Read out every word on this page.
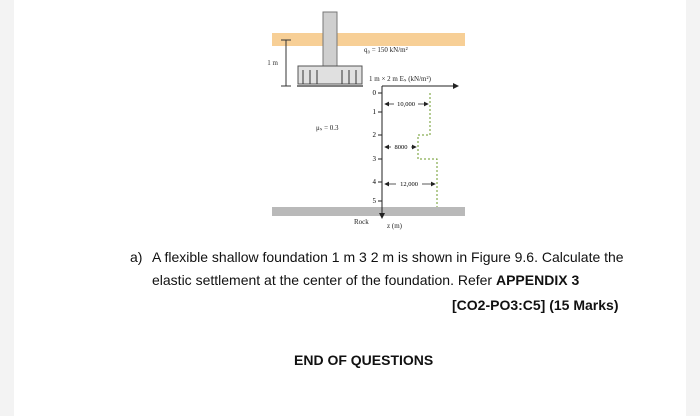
1 m
q₀ = 150 kN/m²
1 m × 2 m Eₛ (kN/m²)
μₛ = 0.3
0
1
2
3
4
5
10,000
8000
12,000
Rock	z (m)
a) A flexible shallow foundation 1 m 3 2 m is shown in Figure 9.6. Calculate the elastic settlement at the center of the foundation. Refer APPENDIX 3
[CO2-PO3:C5] (15 Marks)
END OF QUESTIONS
